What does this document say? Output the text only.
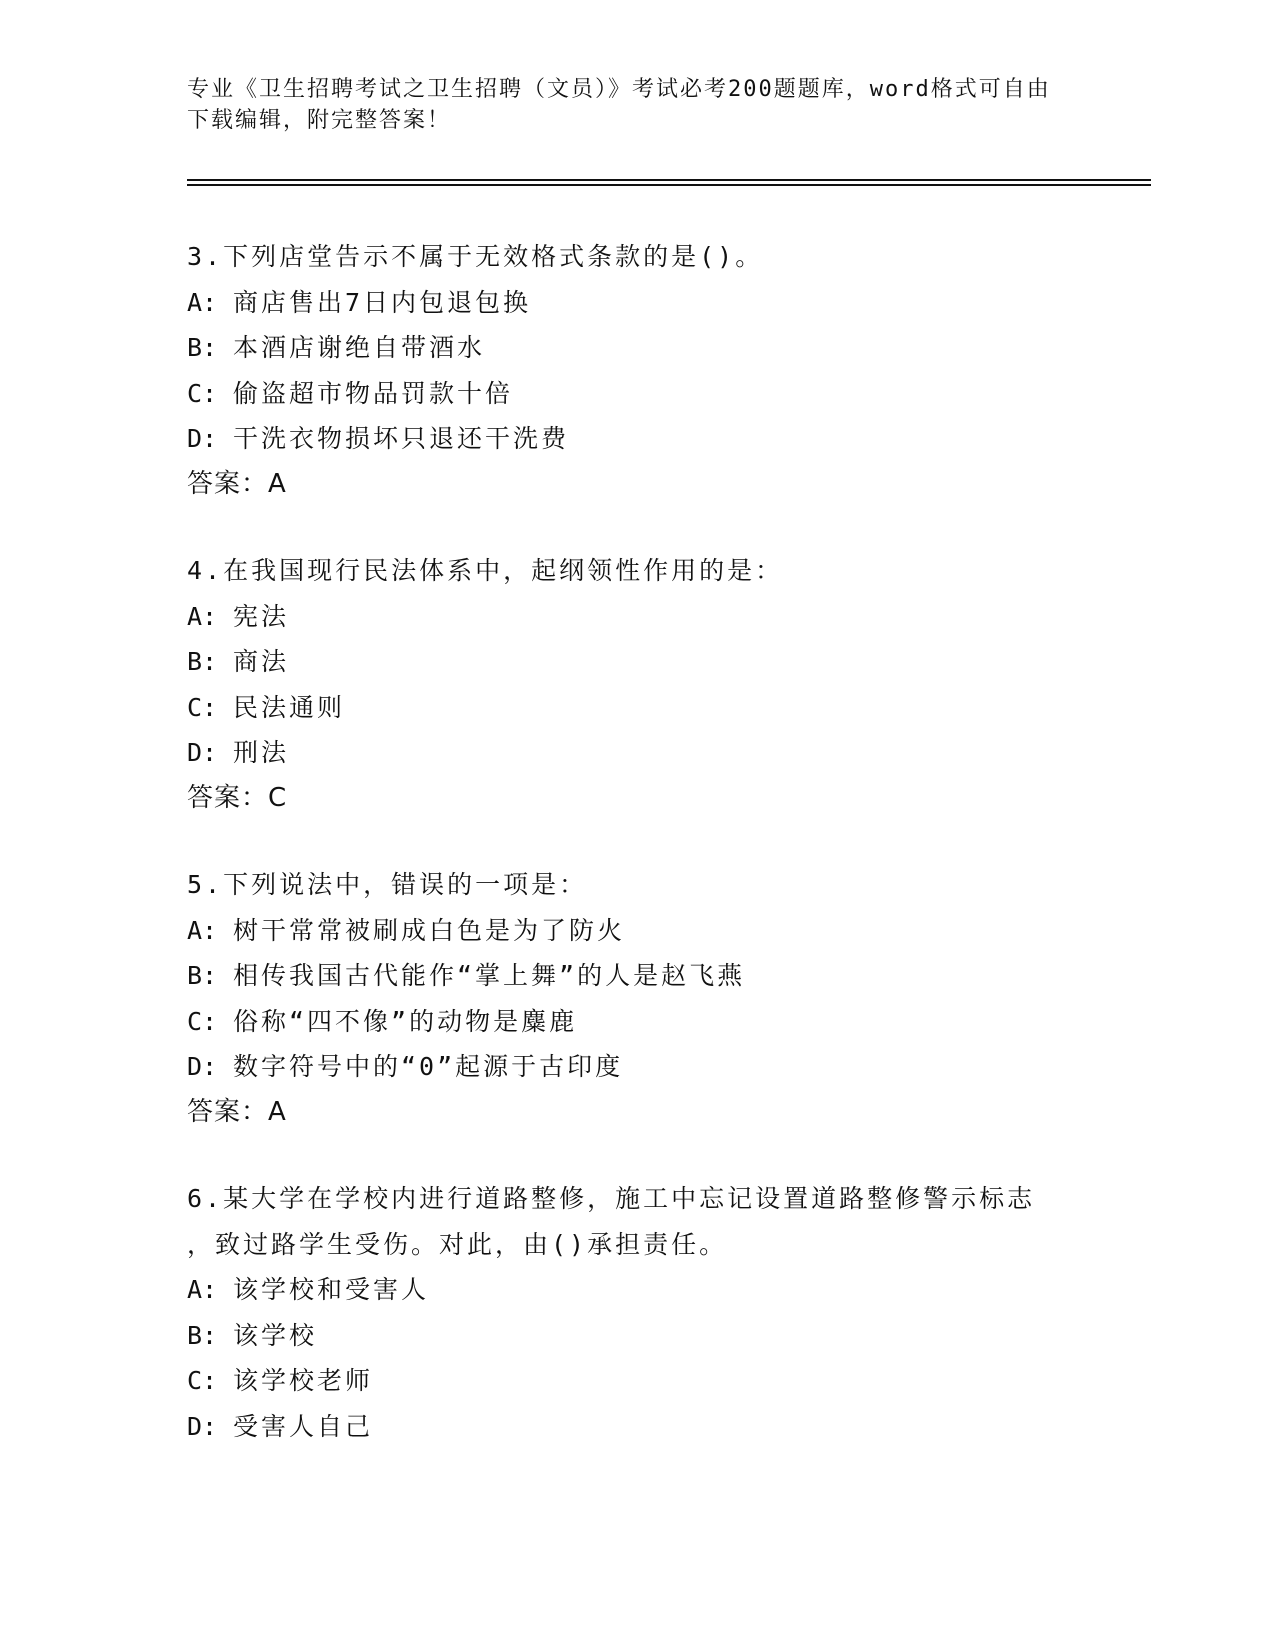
专业《卫生招聘考试之卫生招聘（文员）》考试必考200题题库，word格式可自由下载编辑，附完整答案！
3.下列店堂告示不属于无效格式条款的是()。
A: 商店售出7日内包退包换
B: 本酒店谢绝自带酒水
C: 偷盗超市物品罚款十倍
D: 干洗衣物损坏只退还干洗费
答案：A
4.在我国现行民法体系中，起纲领性作用的是：
A: 宪法
B: 商法
C: 民法通则
D: 刑法
答案：C
5.下列说法中，错误的一项是：
A: 树干常常被刷成白色是为了防火
B: 相传我国古代能作“掌上舞”的人是赵飞燕
C: 俗称“四不像”的动物是麋鹿
D: 数字符号中的“0”起源于古印度
答案：A
6.某大学在学校内进行道路整修，施工中忘记设置道路整修警示标志
，致过路学生受伤。对此，由()承担责任。
A: 该学校和受害人
B: 该学校
C: 该学校老师
D: 受害人自己
